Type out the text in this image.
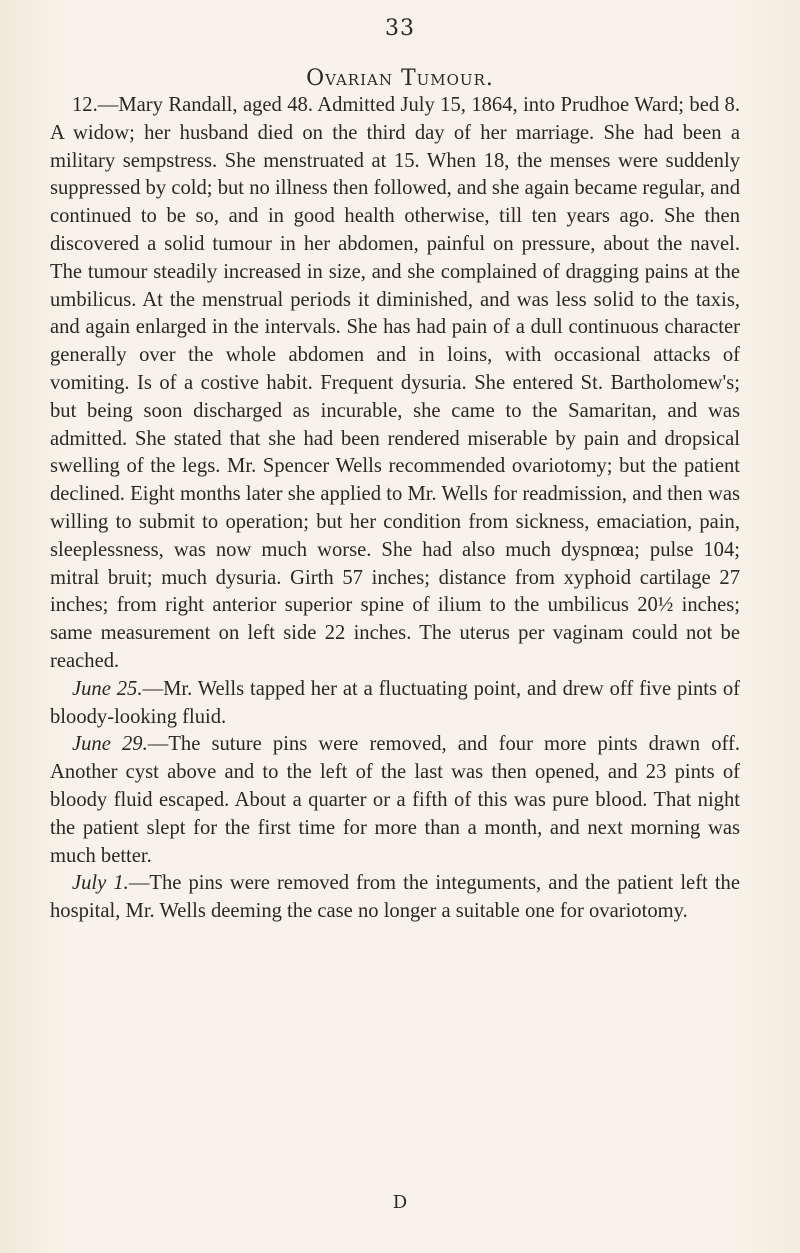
33
Ovarian Tumour.

12.—Mary Randall, aged 48. Admitted July 15, 1864, into Prudhoe Ward; bed 8. A widow; her husband died on the third day of her marriage. She had been a military sempstress. She menstruated at 15. When 18, the menses were suddenly suppressed by cold; but no illness then followed, and she again became regular, and continued to be so, and in good health otherwise, till ten years ago. She then discovered a solid tumour in her abdomen, painful on pressure, about the navel. The tumour steadily increased in size, and she complained of dragging pains at the umbilicus. At the menstrual periods it diminished, and was less solid to the taxis, and again enlarged in the intervals. She has had pain of a dull continuous character generally over the whole abdomen and in loins, with occasional attacks of vomiting. Is of a costive habit. Frequent dysuria. She entered St. Bartholomew's; but being soon discharged as incurable, she came to the Samaritan, and was admitted. She stated that she had been rendered miserable by pain and dropsical swelling of the legs. Mr. Spencer Wells recommended ovariotomy; but the patient declined. Eight months later she applied to Mr. Wells for readmission, and then was willing to submit to operation; but her condition from sickness, emaciation, pain, sleeplessness, was now much worse. She had also much dyspnœa; pulse 104; mitral bruit; much dysuria. Girth 57 inches; distance from xyphoid cartilage 27 inches; from right anterior superior spine of ilium to the umbilicus 20½ inches; same measurement on left side 22 inches. The uterus per vaginam could not be reached.

June 25.—Mr. Wells tapped her at a fluctuating point, and drew off five pints of bloody-looking fluid.

June 29.—The suture pins were removed, and four more pints drawn off. Another cyst above and to the left of the last was then opened, and 23 pints of bloody fluid escaped. About a quarter or a fifth of this was pure blood. That night the patient slept for the first time for more than a month, and next morning was much better.

July 1.—The pins were removed from the integuments, and the patient left the hospital, Mr. Wells deeming the case no longer a suitable one for ovariotomy.

D
